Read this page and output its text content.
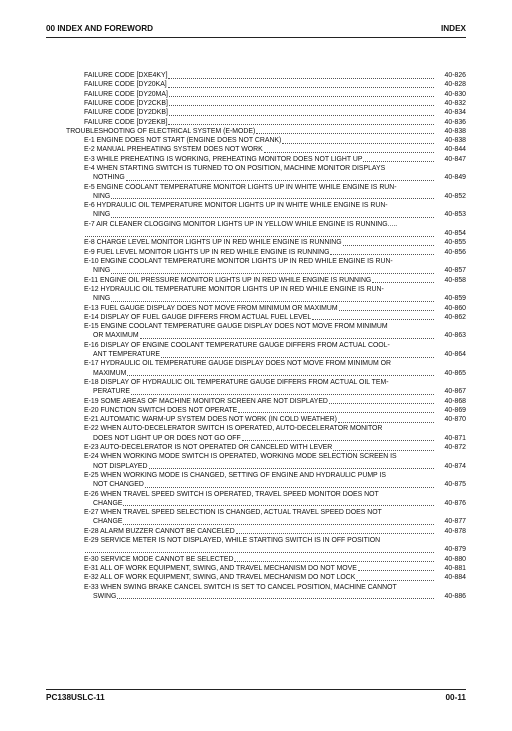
00 INDEX AND FOREWORD	INDEX
FAILURE CODE [DXE4KY]	40-826
FAILURE CODE [DY20KA]	40-828
FAILURE CODE [DY20MA]	40-830
FAILURE CODE [DY2CKB]	40-832
FAILURE CODE [DY2DKB]	40-834
FAILURE CODE [DY2EKB]	40-836
TROUBLESHOOTING OF ELECTRICAL SYSTEM (E-MODE)	40-838
E-1 ENGINE DOES NOT START (ENGINE DOES NOT CRANK)	40-838
E-2 MANUAL PREHEATING SYSTEM DOES NOT WORK	40-844
E-3 WHILE PREHEATING IS WORKING, PREHEATING MONITOR DOES NOT LIGHT UP	40-847
E-4 WHEN STARTING SWITCH IS TURNED TO ON POSITION, MACHINE MONITOR DISPLAYS
NOTHING	40-849
E-5 ENGINE COOLANT TEMPERATURE MONITOR LIGHTS UP IN WHITE WHILE ENGINE IS RUN-
NING	40-852
E-6 HYDRAULIC OIL TEMPERATURE MONITOR LIGHTS UP IN WHITE WHILE ENGINE IS RUN-
NING	40-853
E-7 AIR CLEANER CLOGGING MONITOR LIGHTS UP IN YELLOW WHILE ENGINE IS RUNNING.....
40-854
E-8 CHARGE LEVEL MONITOR LIGHTS UP IN RED WHILE ENGINE IS RUNNING	40-855
E-9 FUEL LEVEL MONITOR LIGHTS UP IN RED WHILE ENGINE IS RUNNING	40-856
E-10 ENGINE COOLANT TEMPERATURE MONITOR LIGHTS UP IN RED WHILE ENGINE IS RUN-
NING	40-857
E-11 ENGINE OIL PRESSURE MONITOR LIGHTS UP IN RED WHILE ENGINE IS RUNNING	40-858
E-12 HYDRAULIC OIL TEMPERATURE MONITOR LIGHTS UP IN RED WHILE ENGINE IS RUN-
NING	40-859
E-13 FUEL GAUGE DISPLAY DOES NOT MOVE FROM MINIMUM OR MAXIMUM	40-860
E-14 DISPLAY OF FUEL GAUGE DIFFERS FROM ACTUAL FUEL LEVEL	40-862
E-15 ENGINE COOLANT TEMPERATURE GAUGE DISPLAY DOES NOT MOVE FROM MINIMUM
OR MAXIMUM	40-863
E-16 DISPLAY OF ENGINE COOLANT TEMPERATURE GAUGE DIFFERS FROM ACTUAL COOL-
ANT TEMPERATURE	40-864
E-17 HYDRAULIC OIL TEMPERATURE GAUGE DISPLAY DOES NOT MOVE FROM MINIMUM OR
MAXIMUM	40-865
E-18 DISPLAY OF HYDRAULIC OIL TEMPERATURE GAUGE DIFFERS FROM ACTUAL OIL TEM-
PERATURE	40-867
E-19 SOME AREAS OF MACHINE MONITOR SCREEN ARE NOT DISPLAYED	40-868
E-20 FUNCTION SWITCH DOES NOT OPERATE	40-869
E-21 AUTOMATIC WARM-UP SYSTEM DOES NOT WORK (IN COLD WEATHER)	40-870
E-22 WHEN AUTO-DECELERATOR SWITCH IS OPERATED, AUTO-DECELERATOR MONITOR
DOES NOT LIGHT UP OR DOES NOT GO OFF	40-871
E-23 AUTO-DECELERATOR IS NOT OPERATED OR CANCELED WITH LEVER	40-872
E-24 WHEN WORKING MODE SWITCH IS OPERATED, WORKING MODE SELECTION SCREEN IS
NOT DISPLAYED	40-874
E-25 WHEN WORKING MODE IS CHANGED, SETTING OF ENGINE AND HYDRAULIC PUMP IS
NOT CHANGED	40-875
E-26 WHEN TRAVEL SPEED SWITCH IS OPERATED, TRAVEL SPEED MONITOR DOES NOT
CHANGE	40-876
E-27 WHEN TRAVEL SPEED SELECTION IS CHANGED, ACTUAL TRAVEL SPEED DOES NOT
CHANGE	40-877
E-28 ALARM BUZZER CANNOT BE CANCELED	40-878
E-29 SERVICE METER IS NOT DISPLAYED, WHILE STARTING SWITCH IS IN OFF POSITION
40-879
E-30 SERVICE MODE CANNOT BE SELECTED	40-880
E-31 ALL OF WORK EQUIPMENT, SWING, AND TRAVEL MECHANISM DO NOT MOVE	40-881
E-32 ALL OF WORK EQUIPMENT, SWING, AND TRAVEL MECHANISM DO NOT LOCK	40-884
E-33 WHEN SWING BRAKE CANCEL SWITCH IS SET TO CANCEL POSITION, MACHINE CANNOT
SWING	40-886
PC138USLC-11	00-11
